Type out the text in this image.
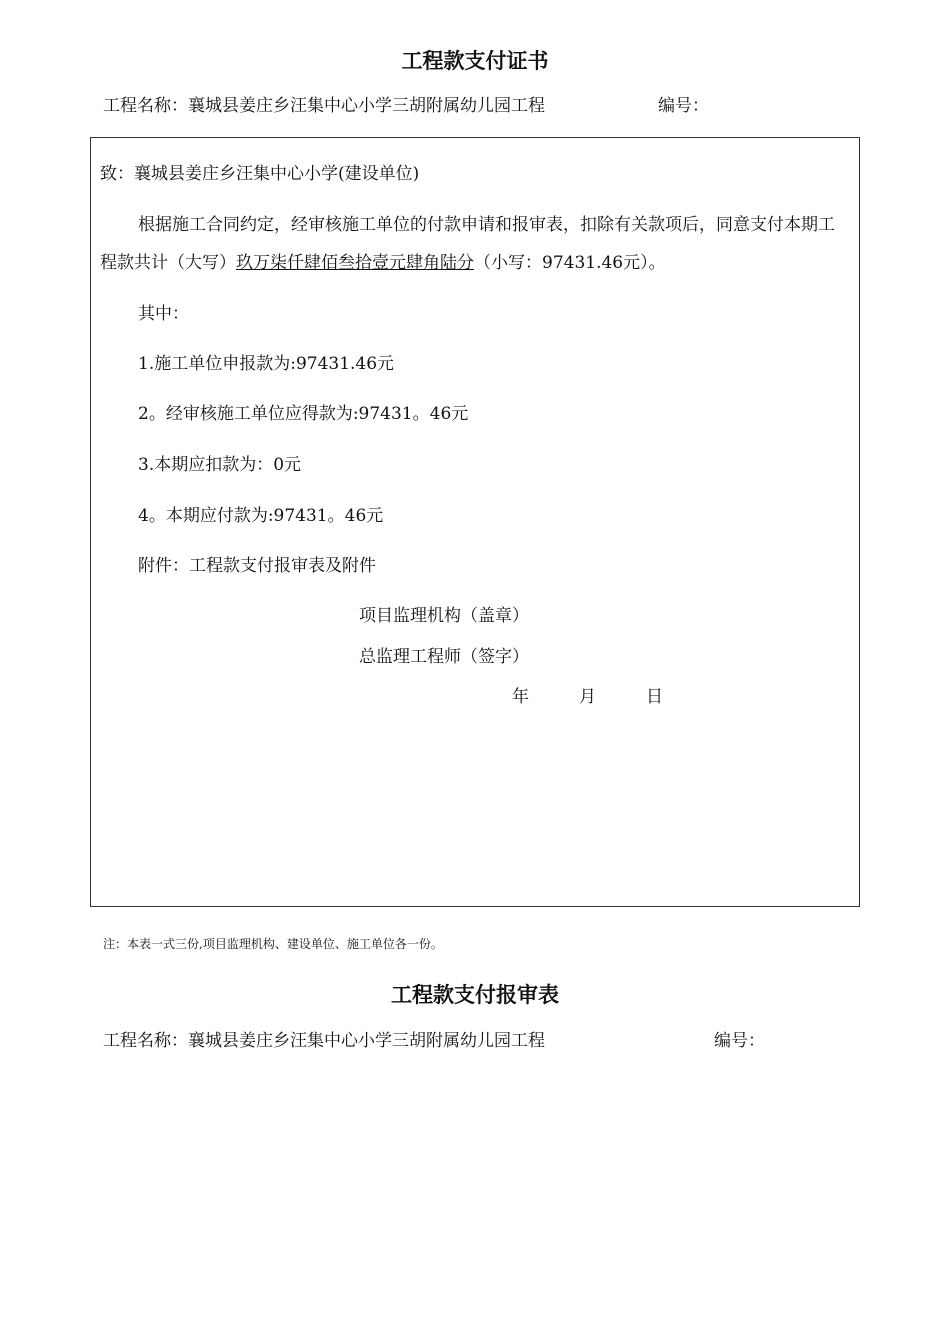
工程款支付证书
工程名称：襄城县姜庄乡汪集中心小学三胡附属幼儿园工程	编号：
致：襄城县姜庄乡汪集中心小学(建设单位)
根据施工合同约定，经审核施工单位的付款申请和报审表，扣除有关款项后，同意支付本期工程款共计（大写）玖万柒仟肆佰叁拾壹元肆角陆分（小写：97431.46元）。
其中：
1.施工单位申报款为:97431.46元
2。经审核施工单位应得款为:97431。46元
3.本期应扣款为：0元
4。本期应付款为:97431。46元
附件：工程款支付报审表及附件
项目监理机构（盖章）
总监理工程师（签字）
年	月	日
注：本表一式三份,项目监理机构、建设单位、施工单位各一份。
工程款支付报审表
工程名称：襄城县姜庄乡汪集中心小学三胡附属幼儿园工程	编号：
